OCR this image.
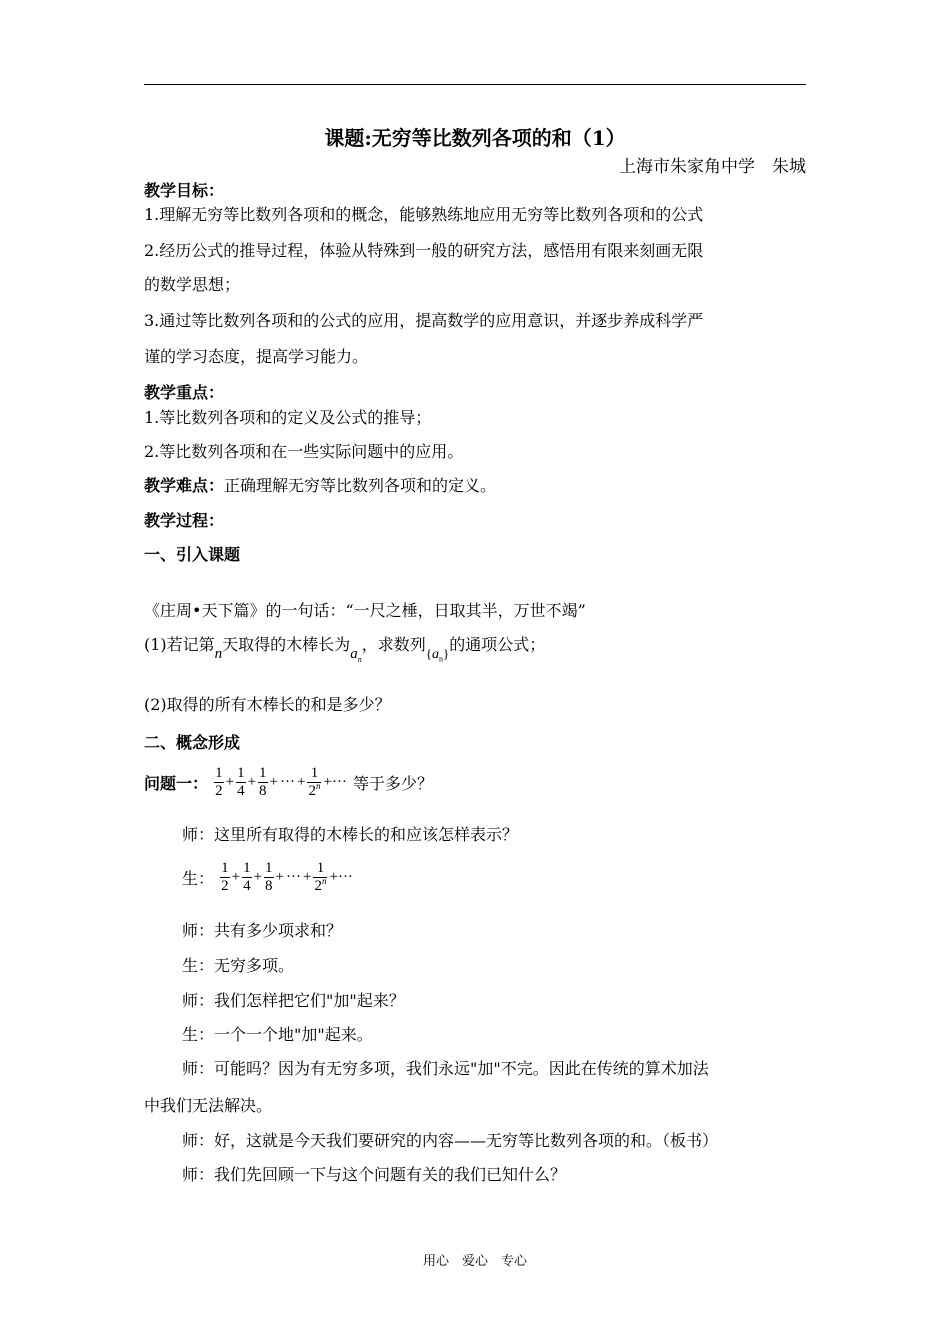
课题:无穷等比数列各项的和（1）
上海市朱家角中学　朱城
教学目标：
1.理解无穷等比数列各项和的概念，能够熟练地应用无穷等比数列各项和的公式
2.经历公式的推导过程，体验从特殊到一般的研究方法，感悟用有限来刻画无限
的数学思想；
3.通过等比数列各项和的公式的应用，提高数学的应用意识，并逐步养成科学严
谨的学习态度，提高学习能力。
教学重点：
1.等比数列各项和的定义及公式的推导；
2.等比数列各项和在一些实际问题中的应用。
教学难点：正确理解无穷等比数列各项和的定义。
教学过程：
一、引入课题
《庄周•天下篇》的一句话：“一尺之棰，日取其半，万世不竭”
(1)若记第n天取得的木棒长为$a_n$，求数列$_{\{a_n\}}$的通项公式；
(2)取得的所有木棒长的和是多少？
二、概念形成
问题一： $\frac{1}{2} + \frac{1}{4} + \frac{1}{8}$ + ··· + $\frac{1}{2^n}$ +··· 等于多少？
师：这里所有取得的木棒长的和应该怎样表示？
生： $\frac{1}{2} + \frac{1}{4} + \frac{1}{8}$ + ··· + $\frac{1}{2^n}$ +···
师：共有多少项求和？
生：无穷多项。
师：我们怎样把它们"加"起来？
生：一个一个地"加"起来。
师：可能吗？因为有无穷多项，我们永远"加"不完。因此在传统的算术加法
中我们无法解决。
师：好，这就是今天我们要研究的内容——无穷等比数列各项的和。（板书）
师：我们先回顾一下与这个问题有关的我们已知什么？
用心　爱心　专心
